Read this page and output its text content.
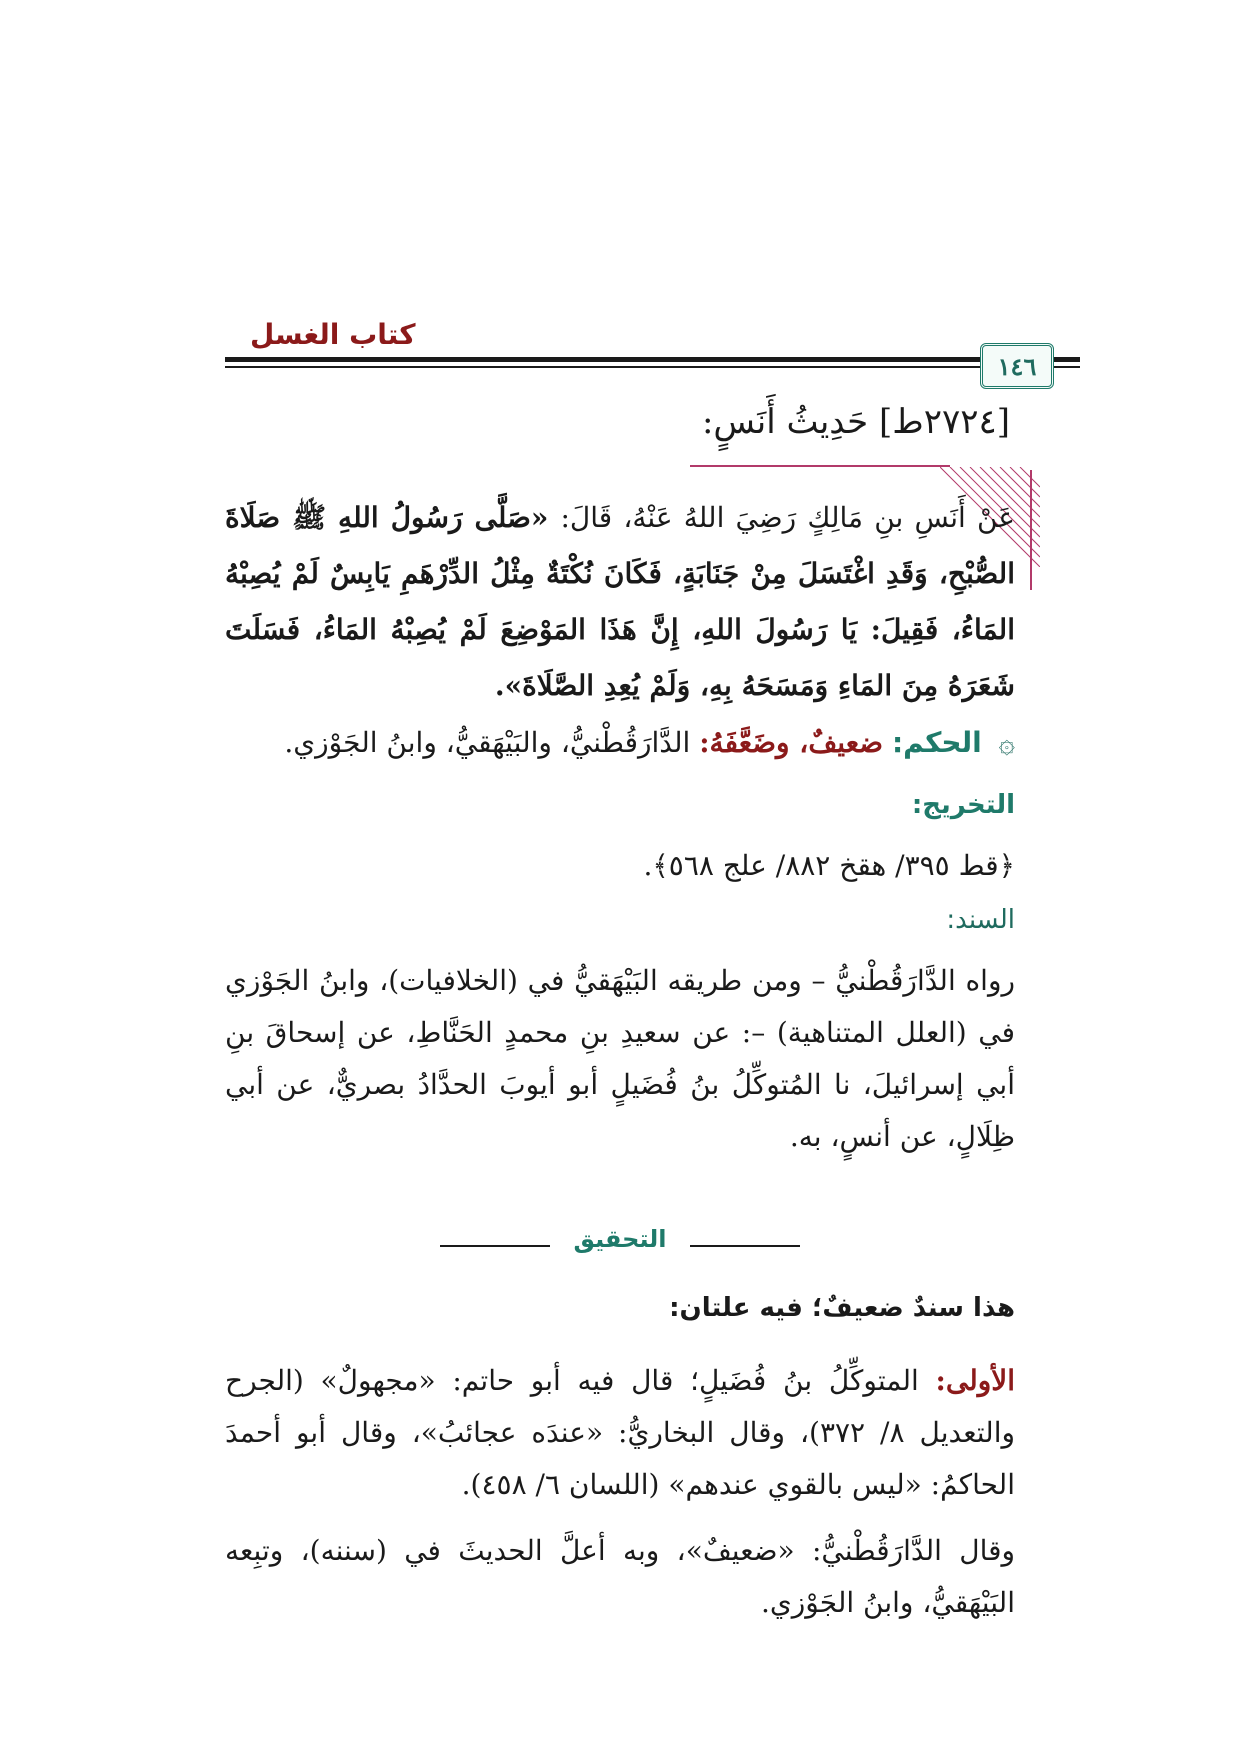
كتاب الغسل
١٤٦
[٢٧٢٤ط] حَدِيثُ أَنَسٍ:
عَنْ أَنَسِ بنِ مَالِكٍ رَضِيَ اللهُ عَنْهُ، قَالَ: «صَلَّى رَسُولُ اللهِ ﷺ صَلَاةَ الصُّبْحِ، وَقَدِ اغْتَسَلَ مِنْ جَنَابَةٍ، فَكَانَ نُكْتَةٌ مِثْلُ الدِّرْهَمِ يَابِسٌ لَمْ يُصِبْهُ المَاءُ، فَقِيلَ: يَا رَسُولَ اللهِ، إِنَّ هَذَا المَوْضِعَ لَمْ يُصِبْهُ المَاءُ، فَسَلَتَ شَعَرَهُ مِنَ المَاءِ وَمَسَحَهُ بِهِ، وَلَمْ يُعِدِ الصَّلَاةَ».
۞ الحكم: ضعيفٌ، وضَعَّفَهُ: الدَّارَقُطْنيُّ، والبَيْهَقيُّ، وابنُ الجَوْزي.
التخريج:
﴿قط ٣٩٥/ هقخ ٨٨٢/ علج ٥٦٨﴾.
السند:
رواه الدَّارَقُطْنيُّ – ومن طريقه البَيْهَقيُّ في (الخلافيات)، وابنُ الجَوْزي في (العلل المتناهية) –: عن سعيدِ بنِ محمدٍ الحَنَّاطِ، عن إسحاقَ بنِ أبي إسرائيلَ، نا المُتوكِّلُ بنُ فُضَيلٍ أبو أيوبَ الحدَّادُ بصريٌّ، عن أبي ظِلَالٍ، عن أنسٍ، به.
التحقيق
هذا سندٌ ضعيفٌ؛ فيه علتان:
الأولى: المتوكِّلُ بنُ فُضَيلٍ؛ قال فيه أبو حاتم: «مجهولٌ» (الجرح والتعديل ٨/ ٣٧٢)، وقال البخاريُّ: «عندَه عجائبُ»، وقال أبو أحمدَ الحاكمُ: «ليس بالقوي عندهم» (اللسان ٦/ ٤٥٨).
وقال الدَّارَقُطْنيُّ: «ضعيفٌ»، وبه أعلَّ الحديثَ في (سننه)، وتبِعه البَيْهَقيُّ، وابنُ الجَوْزي.
